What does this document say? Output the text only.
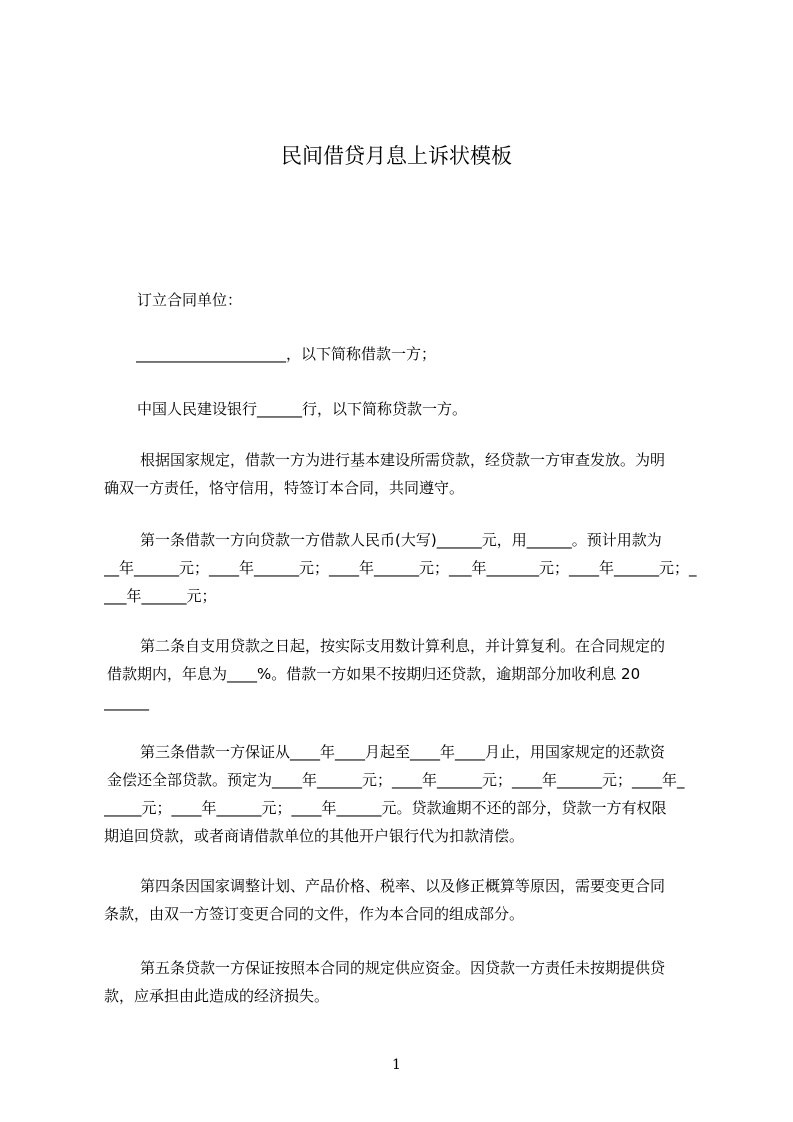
民间借贷月息上诉状模板
订立合同单位：
____________________，以下简称借款一方；
中国人民建设银行______行，以下简称贷款一方。
根据国家规定，借款一方为进行基本建设所需贷款，经贷款一方审查发放。为明
确双一方责任，恪守信用，特签订本合同，共同遵守。
第一条借款一方向贷款一方借款人民币(大写)______元，用______。预计用款为
__年______元；____年______元；____年______元；___年_______元；____年______元；_
___年______元；
第二条自支用贷款之日起，按实际支用数计算利息，并计算复利。在合同规定的
借款期内，年息为____%。借款一方如果不按期归还贷款，逾期部分加收利息 20
______
第三条借款一方保证从____年____月起至____年____月止，用国家规定的还款资
金偿还全部贷款。预定为____年______元；____年______元；____年______元；____年_
_____元；____年______元；____年______元。贷款逾期不还的部分，贷款一方有权限
期追回贷款，或者商请借款单位的其他开户银行代为扣款清偿。
第四条因国家调整计划、产品价格、税率、以及修正概算等原因，需要变更合同
条款，由双一方签订变更合同的文件，作为本合同的组成部分。
第五条贷款一方保证按照本合同的规定供应资金。因贷款一方责任未按期提供贷
款，应承担由此造成的经济损失。
1
